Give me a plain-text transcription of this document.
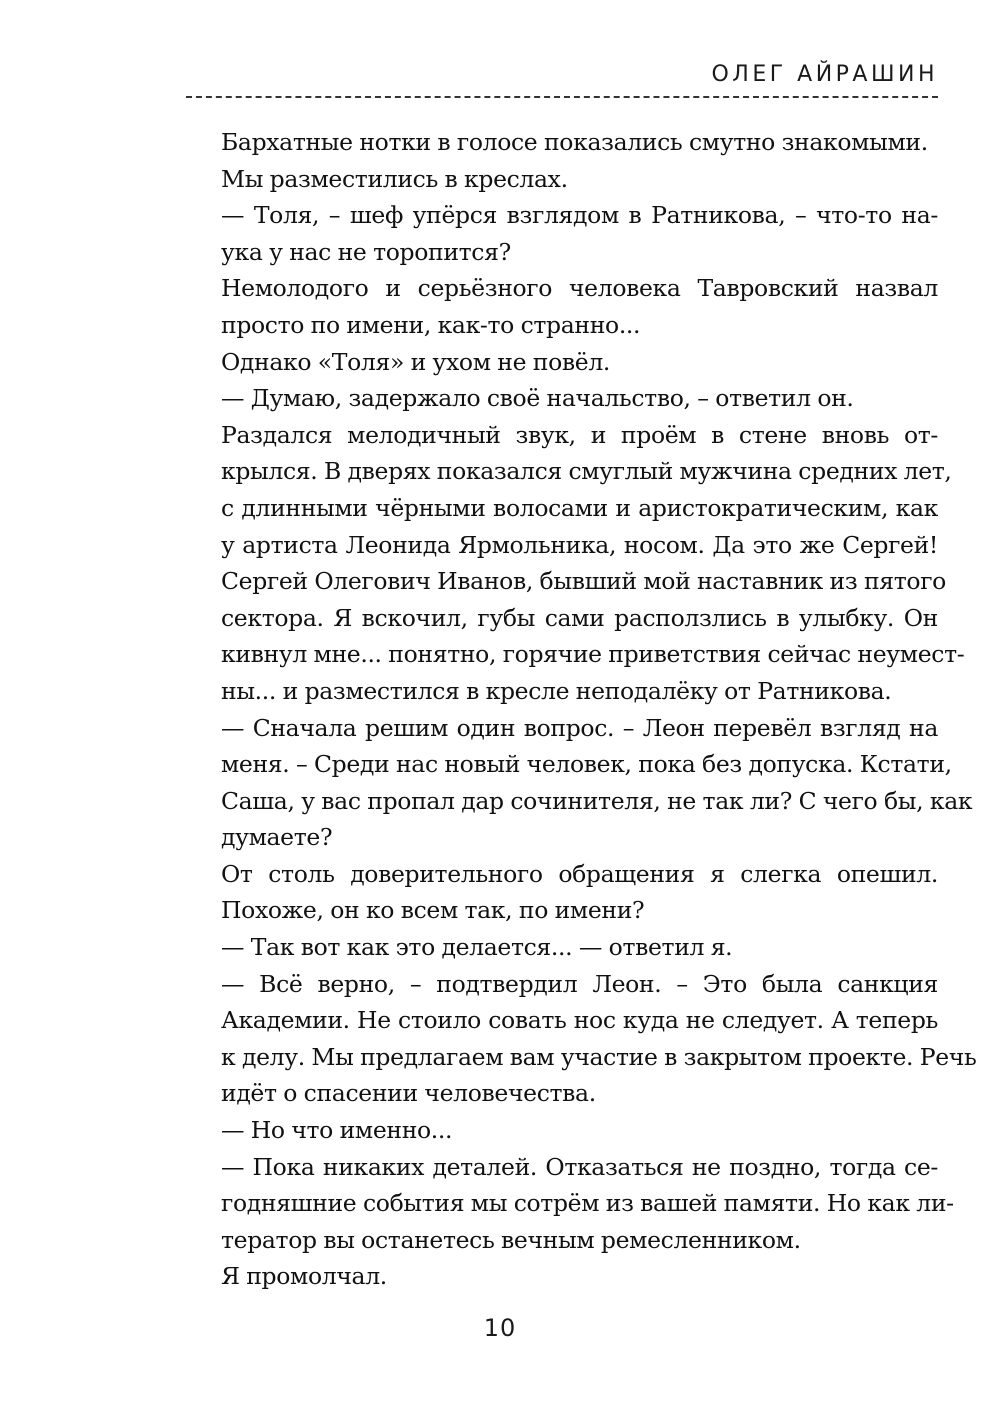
ОЛЕГ АЙРАШИН

Бархатные нотки в голосе показались смутно знакомыми.

Мы разместились в креслах.

— Толя, – шеф упёрся взглядом в Ратникова, – что-то на-
ука у нас не торопится?

Немолодого и серьёзного человека Тавровский назвал
просто по имени, как-то странно...

Однако «Толя» и ухом не повёл.

— Думаю, задержало своё начальство, – ответил он.

Раздался мелодичный звук, и проём в стене вновь от-
крылся. В дверях показался смуглый мужчина средних лет,
с длинными чёрными волосами и аристократическим, как
у артиста Леонида Ярмольника, носом. Да это же Сергей!
Сергей Олегович Иванов, бывший мой наставник из пятого
сектора. Я вскочил, губы сами расползлись в улыбку. Он
кивнул мне... понятно, горячие приветствия сейчас неумест-
ны... и разместился в кресле неподалёку от Ратникова.

— Сначала решим один вопрос. – Леон перевёл взгляд на
меня. – Среди нас новый человек, пока без допуска. Кстати,
Саша, у вас пропал дар сочинителя, не так ли? С чего бы, как
думаете?

От столь доверительного обращения я слегка опешил.
Похоже, он ко всем так, по имени?

— Так вот как это делается... — ответил я.

— Всё верно, – подтвердил Леон. – Это была санкция
Академии. Не стоило совать нос куда не следует. А теперь
к делу. Мы предлагаем вам участие в закрытом проекте. Речь
идёт о спасении человечества.

— Но что именно...

— Пока никаких деталей. Отказаться не поздно, тогда се-
годняшние события мы сотрём из вашей памяти. Но как ли-
тератор вы останетесь вечным ремесленником.

Я промолчал.

10
